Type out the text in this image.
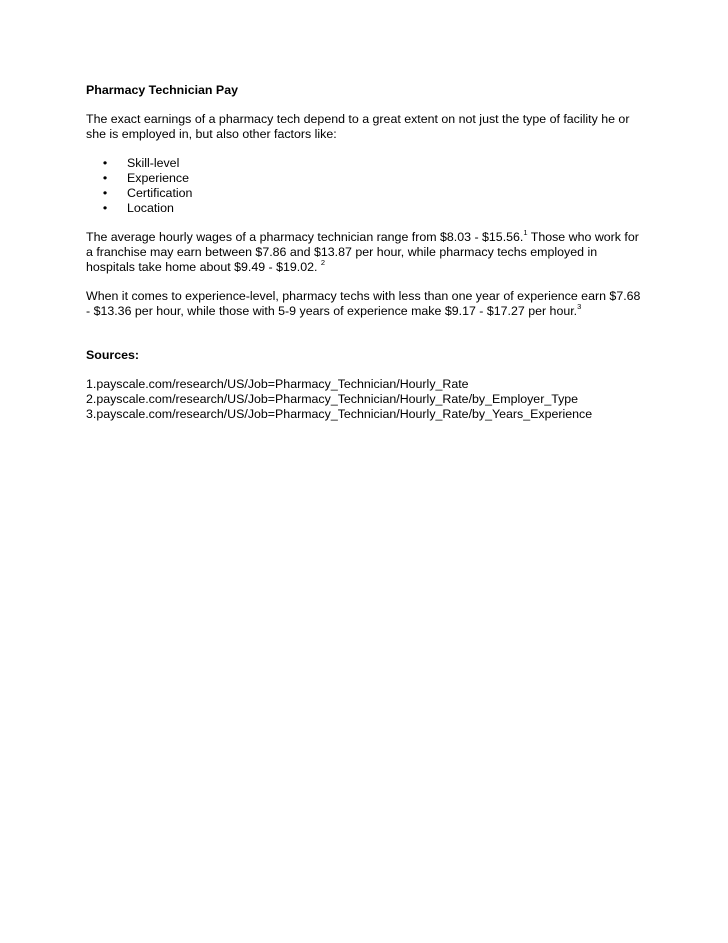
Pharmacy Technician Pay

The exact earnings of a pharmacy tech depend to a great extent on not just the type of facility he or she is employed in, but also other factors like:

• Skill-level
• Experience
• Certification
• Location

The average hourly wages of a pharmacy technician range from $8.03 - $15.56.$^1$ Those who work for a franchise may earn between $7.86 and $13.87 per hour, while pharmacy techs employed in hospitals take home about $9.49 - $19.02. $^2$

When it comes to experience-level, pharmacy techs with less than one year of experience earn $7.68 - $13.36 per hour, while those with 5-9 years of experience make $9.17 - $17.27 per hour.$^3$

Sources:

1.payscale.com/research/US/Job=Pharmacy_Technician/Hourly_Rate
2.payscale.com/research/US/Job=Pharmacy_Technician/Hourly_Rate/by_Employer_Type
3.payscale.com/research/US/Job=Pharmacy_Technician/Hourly_Rate/by_Years_Experience
